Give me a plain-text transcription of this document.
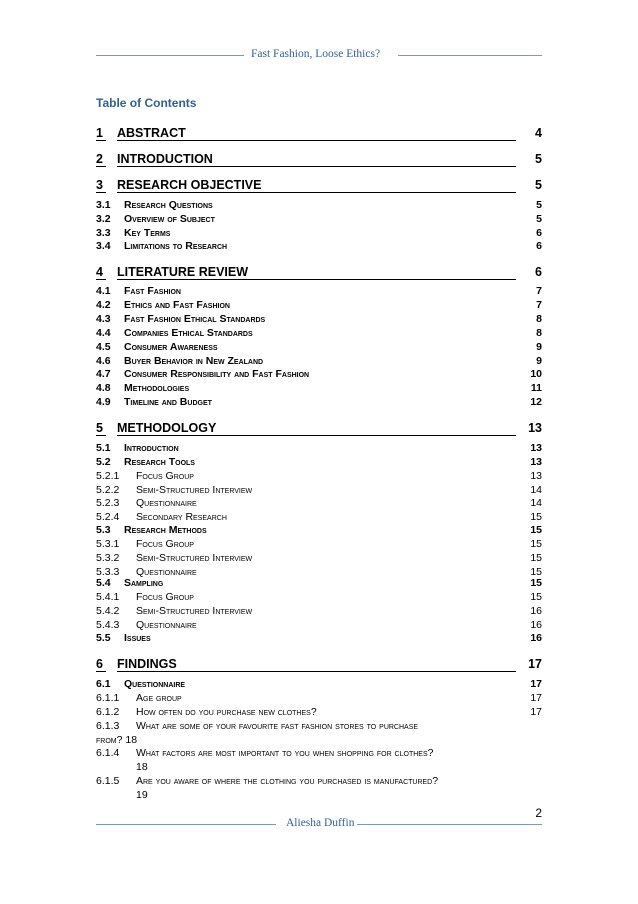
Fast Fashion, Loose Ethics?
Table of Contents
1 ABSTRACT	4
2 INTRODUCTION	5
3 RESEARCH OBJECTIVE	5
3.1 Research Questions	5
3.2 Overview of Subject	5
3.3 Key Terms	6
3.4 Limitations to Research	6
4 LITERATURE REVIEW	6
4.1 Fast Fashion	7
4.2 Ethics and Fast Fashion	7
4.3 Fast Fashion Ethical Standards	8
4.4 Companies Ethical Standards	8
4.5 Consumer Awareness	9
4.6 Buyer Behavior in New Zealand	9
4.7 Consumer Responsibility and Fast Fashion	10
4.8 Methodologies	11
4.9 Timeline and Budget	12
5 METHODOLOGY	13
5.1 Introduction	13
5.2 Research Tools	13
5.2.1 Focus Group	13
5.2.2 Semi-Structured Interview	14
5.2.3 Questionnaire	14
5.2.4 Secondary Research	15
5.3 Research Methods	15
5.3.1 Focus Group	15
5.3.2 Semi-Structured Interview	15
5.3.3 Questionnaire	15
5.4 Sampling	15
5.4.1 Focus Group	15
5.4.2 Semi-Structured Interview	16
5.4.3 Questionnaire	16
5.5 Issues	16
6 FINDINGS	17
6.1 Questionnaire	17
6.1.1 Age group	17
6.1.2 How often do you purchase new clothes?	17
6.1.3 What are some of your favourite fast fashion stores to purchase
from? 18
6.1.4 What factors are most important to you when shopping for clothes?
18
6.1.5 Are you aware of where the clothing you purchased is manufactured?
19
2
Aliesha Duffin
